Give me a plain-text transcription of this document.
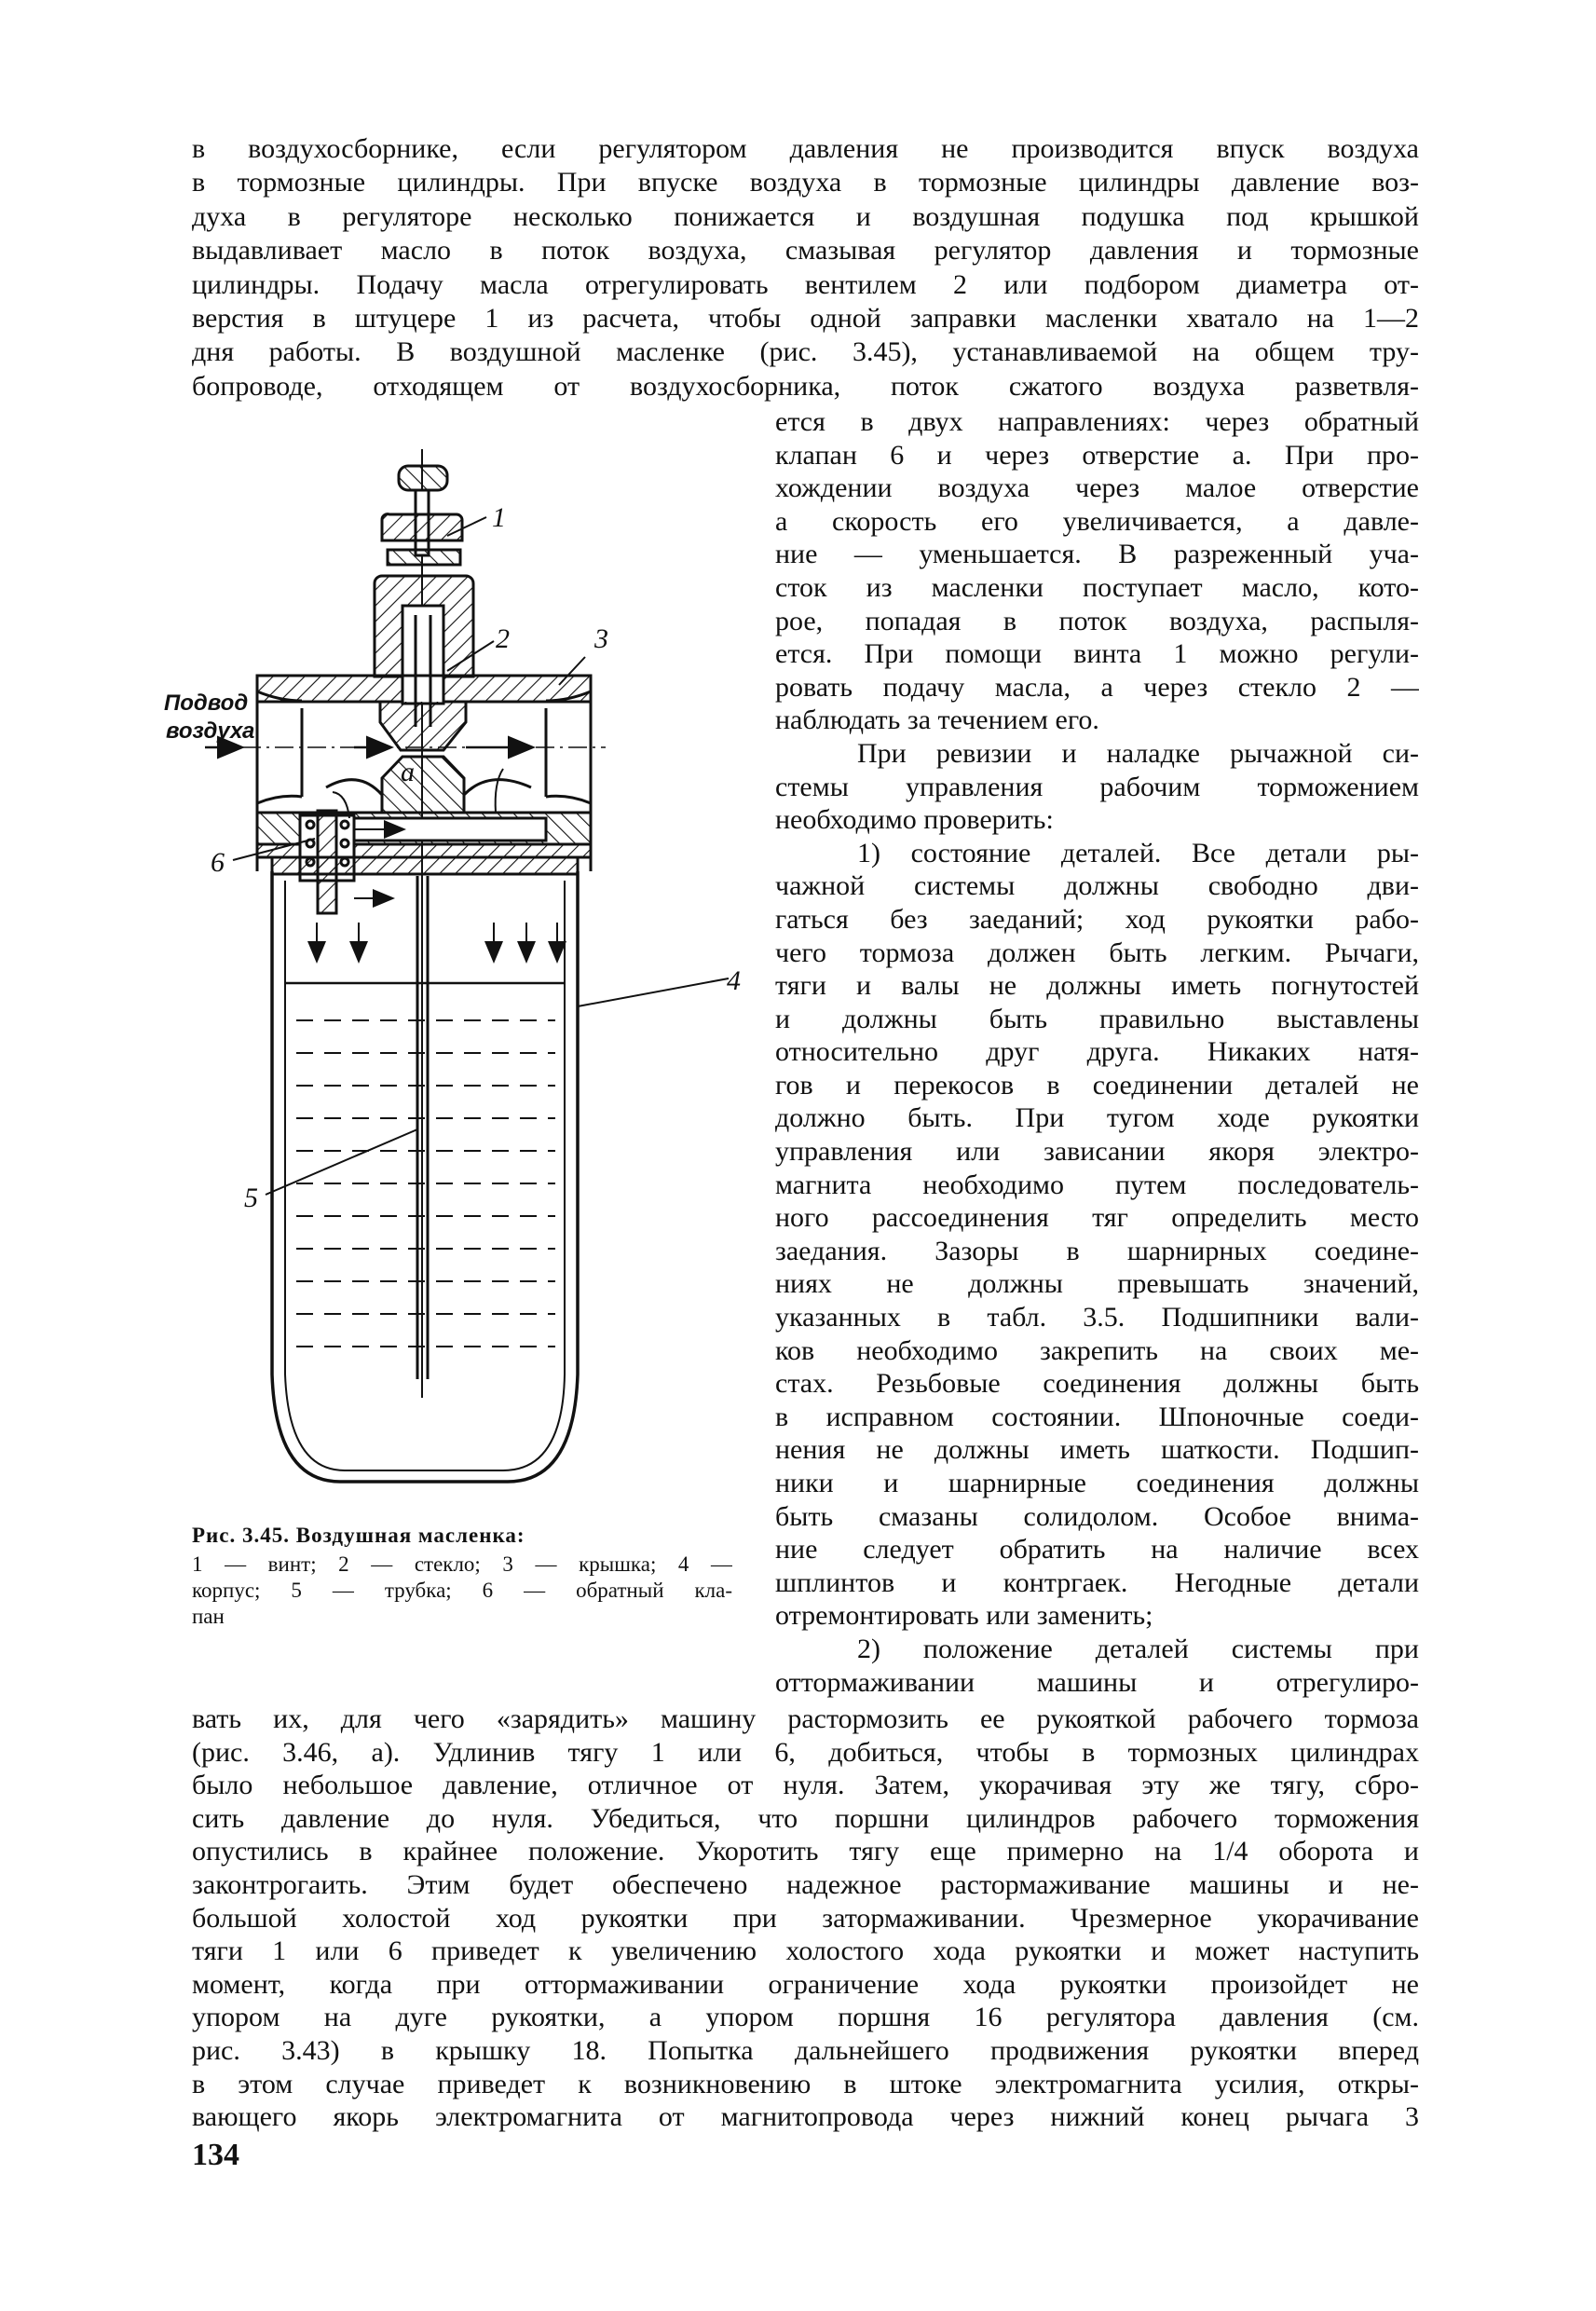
в воздухосборнике, если регулятором давления не производится впуск воздуха
в тормозные цилиндры. При впуске воздуха в тормозные цилиндры давление воз-
духа в регуляторе несколько понижается и воздушная подушка под крышкой
выдавливает масло в поток воздуха, смазывая регулятор давления и тормозные
цилиндры. Подачу масла отрегулировать вентилем 2 или подбором диаметра от-
верстия в штуцере 1 из расчета, чтобы одной заправки масленки хватало на 1—2
дня работы. В воздушной масленке (рис. 3.45), устанавливаемой на общем тру-
бопроводе, отходящем от воздухосборника, поток сжатого воздуха разветвля-
1
2	3
4
5
6
а
Подвод
воздуха
ется в двух направлениях: через обратный
клапан 6 и через отверстие а. При про-
хождении воздуха через малое отверстие
а скорость его увеличивается, а давле-
ние — уменьшается. В разреженный уча-
сток из масленки поступает масло, кото-
рое, попадая в поток воздуха, распыля-
ется. При помощи винта 1 можно регули-
ровать подачу масла, а через стекло 2 —
наблюдать за течением его.
При ревизии и наладке рычажной си-
стемы управления рабочим торможением
необходимо проверить:
1) состояние деталей. Все детали ры-
чажной системы должны свободно дви-
гаться без заеданий; ход рукоятки рабо-
чего тормоза должен быть легким. Рычаги,
тяги и валы не должны иметь погнутостей
и должны быть правильно выставлены
относительно друг друга. Никаких натя-
гов и перекосов в соединении деталей не
должно быть. При тугом ходе рукоятки
управления или зависании якоря электро-
магнита необходимо путем последователь-
ного рассоединения тяг определить место
заедания. Зазоры в шарнирных соедине-
ниях не должны превышать значений,
указанных в табл. 3.5. Подшипники вали-
ков необходимо закрепить на своих ме-
стах. Резьбовые соединения должны быть
в исправном состоянии. Шпоночные соеди-
нения не должны иметь шаткости. Подшип-
ники и шарнирные соединения должны
быть смазаны солидолом. Особое внима-
ние следует обратить на наличие всех
шплинтов и контргаек. Негодные детали
отремонтировать или заменить;
2) положение деталей системы при
оттормаживании машины и отрегулиро-
Рис. 3.45. Воздушная масленка:
1 — винт; 2 — стекло; 3 — крышка; 4 —
корпус; 5 — трубка; 6 — обратный кла-
пан
вать их, для чего «зарядить» машину растормозить ее рукояткой рабочего тормоза
(рис. 3.46, а). Удлинив тягу 1 или 6, добиться, чтобы в тормозных цилиндрах
было небольшое давление, отличное от нуля. Затем, укорачивая эту же тягу, сбро-
сить давление до нуля. Убедиться, что поршни цилиндров рабочего торможения
опустились в крайнее положение. Укоротить тягу еще примерно на 1/4 оборота и
законтрогаить. Этим будет обеспечено надежное растормаживание машины и не-
большой холостой ход рукоятки при затормаживании. Чрезмерное укорачивание
тяги 1 или 6 приведет к увеличению холостого хода рукоятки и может наступить
момент, когда при оттормаживании ограничение хода рукоятки произойдет не
упором на дуге рукоятки, а упором поршня 16 регулятора давления (см.
рис. 3.43) в крышку 18. Попытка дальнейшего продвижения рукоятки вперед
в этом случае приведет к возникновению в штоке электромагнита усилия, откры-
вающего якорь электромагнита от магнитопровода через нижний конец рычага 3
134
